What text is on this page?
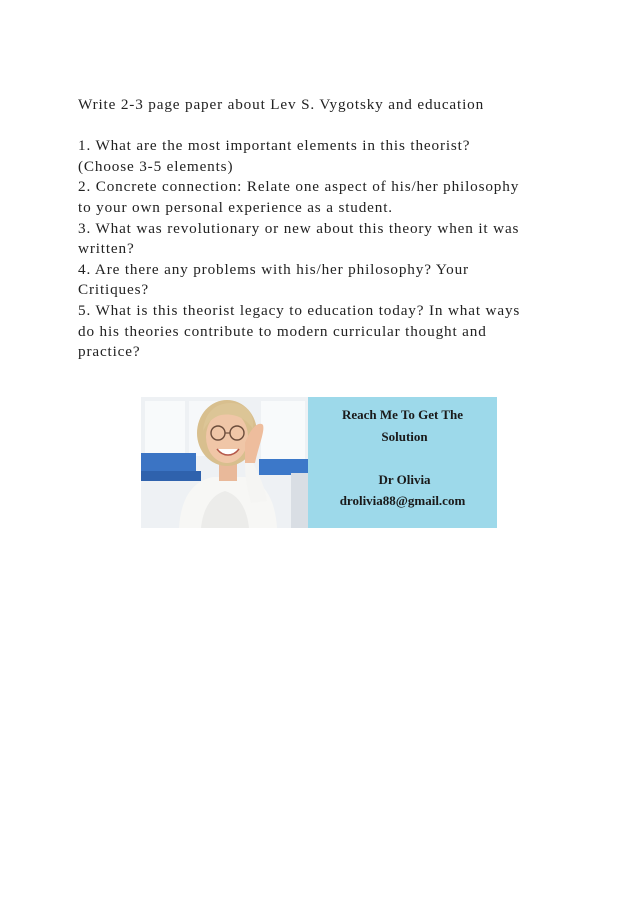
Write 2-3 page paper about Lev S. Vygotsky and education

1. What are the most important elements in this theorist?

(Choose 3-5 elements)

2. Concrete connection: Relate one aspect of his/her philosophy

to your own personal experience as a student.

3. What was revolutionary or new about this theory when it was

written?

4. Are there any problems with his/her philosophy? Your

Critiques?

5. What is this theorist legacy to education today? In what ways

do his theories contribute to modern curricular thought and

practice?

Reach Me To Get The
Solution
Dr Olivia
drolivia88@gmail.com
